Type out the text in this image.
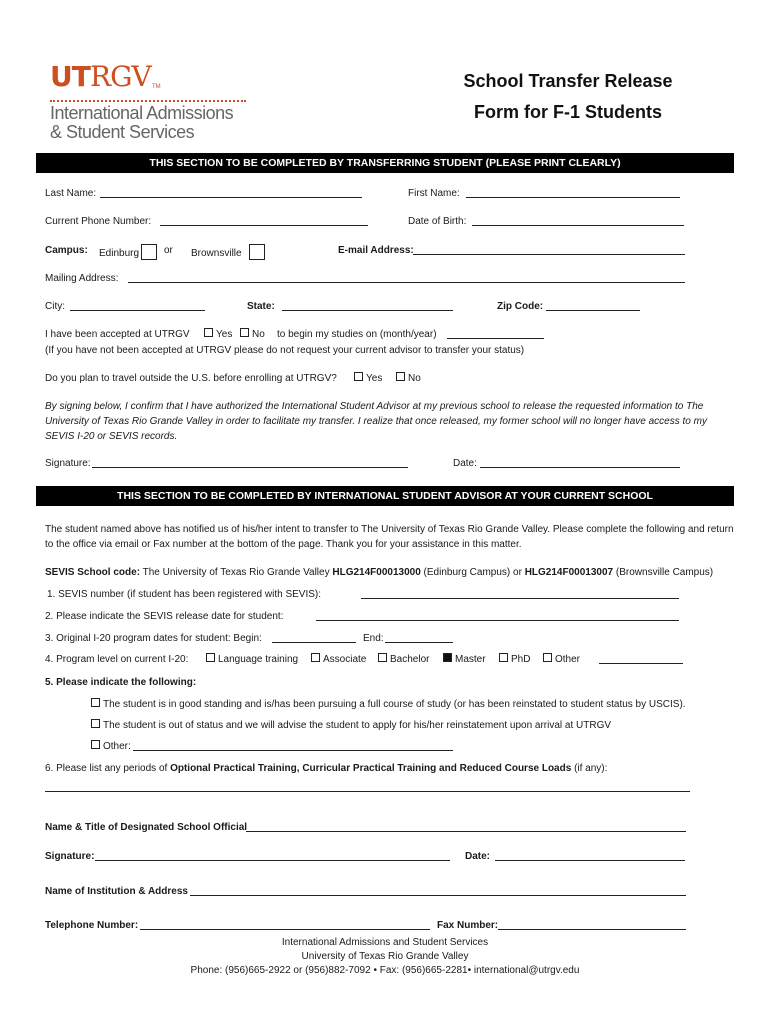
UT RGV TM
International Admissions
& Student Services
School Transfer Release
Form for F-1 Students
THIS SECTION TO BE COMPLETED BY TRANSFERRING STUDENT (PLEASE PRINT CLEARLY)
Last Name:	First Name:
Current Phone Number:	Date of Birth:
Campus: Edinburg	or Brownsville	E-mail Address:
Mailing Address:
City:	State:	Zip Code:
I have been accepted at UTRGV	Yes	No to begin my studies on (month/year)
(If you have not been accepted at UTRGV please do not request your current advisor to transfer your status)
Do you plan to travel outside the U.S. before enrolling at UTRGV?	Yes	No
By signing below, I confirm that I have authorized the International Student Advisor at my previous school to release the requested information to The University of Texas Rio Grande Valley in order to facilitate my transfer. I realize that once released, my former school will no longer have access to my SEVIS I-20 or SEVIS records.
Signature:	Date:
THIS SECTION TO BE COMPLETED BY INTERNATIONAL STUDENT ADVISOR AT YOUR CURRENT SCHOOL
The student named above has notified us of his/her intent to transfer to The University of Texas Rio Grande Valley. Please complete the following and return to the office via email or Fax number at the bottom of the page. Thank you for your assistance in this matter.
SEVIS School code: The University of Texas Rio Grande Valley HLG214F00013000 (Edinburg Campus) or HLG214F00013007 (Brownsville Campus)
1. SEVIS number (if student has been registered with SEVIS):
2. Please indicate the SEVIS release date for student:
3. Original I-20 program dates for student: Begin:	End:
4. Program level on current I-20:	Language training	Associate	Bachelor	Master	PhD	Other
5. Please indicate the following:
The student is in good standing and is/has been pursuing a full course of study (or has been reinstated to student status by USCIS).
The student is out of status and we will advise the student to apply for his/her reinstatement upon arrival at UTRGV
Other:
6. Please list any periods of Optional Practical Training, Curricular Practical Training and Reduced Course Loads (if any):
Name & Title of Designated School Official
Signature:	Date:
Name of Institution & Address
Telephone Number:	Fax Number:
International Admissions and Student Services
University of Texas Rio Grande Valley
Phone: (956)665-2922 or (956)882-7092 • Fax: (956)665-2281• international@utrgv.edu
